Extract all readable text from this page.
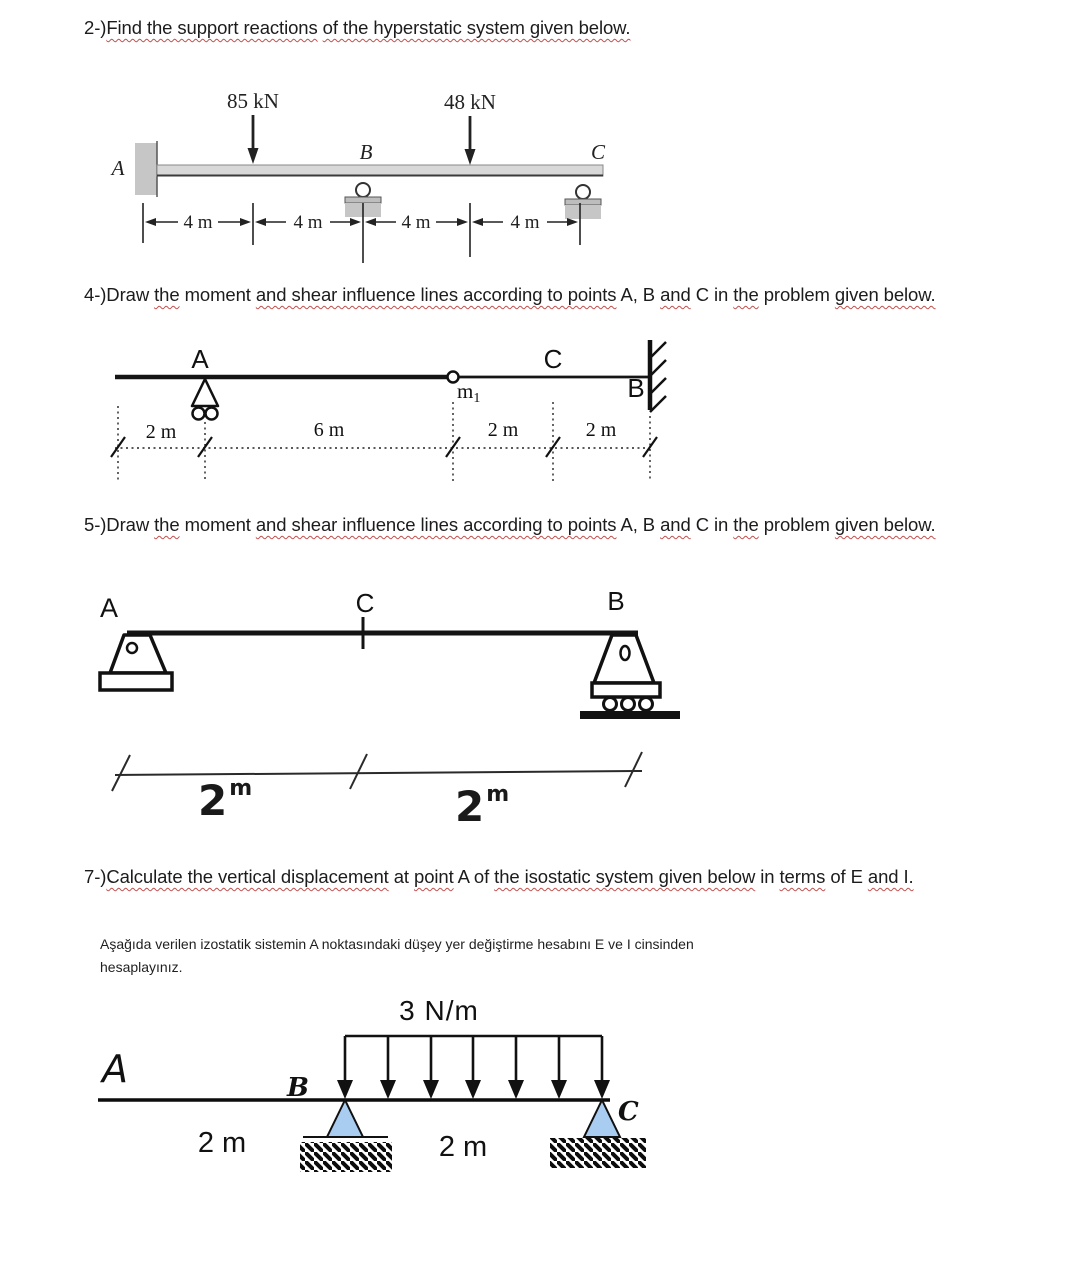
2-)Find the support reactions of the hyperstatic system given below.
A
B	C
85 kN	48 kN
4 m	4 m	4 m	4 m
4-)Draw the moment and shear influence lines according to points A, B and C in the problem given below.
A	C
B
m1
2 m	6 m	2 m	2 m
5-)Draw the moment and shear influence lines according to points A, B and C in the problem given below.
A	C	B
2$^m$	2$^m$
7-)Calculate the vertical displacement at point A of the isostatic system given below in terms of E and I.
Aşağıda verilen izostatik sistemin A noktasındaki düşey yer değiştirme hesabını E ve I cinsinden
hesaplayınız.
3 N/m
A	B
C
2 m	2 m
